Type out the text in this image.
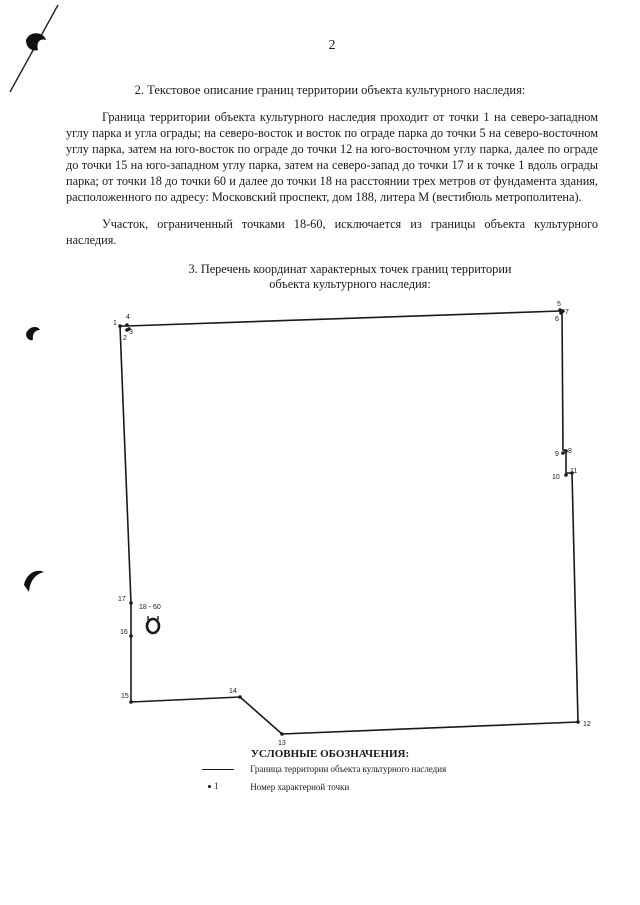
2
2. Текстовое описание границ территории объекта культурного наследия:
Граница территории объекта культурного наследия проходит от точки 1 на северо-западном углу парка и угла ограды; на северо-восток и восток по ограде парка до точки 5 на северо-восточном углу парка, затем на юго-восток по ограде до точки 12 на юго-восточном углу парка, далее по ограде до точки 15 на юго-западном углу парка, затем на северо-запад до точки 17 и к точке 1 вдоль ограды парка; от точки 18 до точки 60 и далее до точки 18 на расстоянии трех метров от фундамента здания, расположенного по адресу: Московский проспект, дом 188, литера М (вестибюль метрополитена).
Участок, ограниченный точками 18-60, исключается из границы объекта культурного наследия.
3. Перечень координат характерных точек границ территории
объекта культурного наследия:
1
2
3
4
5
6
7
8
9
10
11
12
13
14
15
16
17
18 - 60
УСЛОВНЫЕ ОБОЗНАЧЕНИЯ:
Граница территории объекта культурного наследия
1	Номер характерной точки
